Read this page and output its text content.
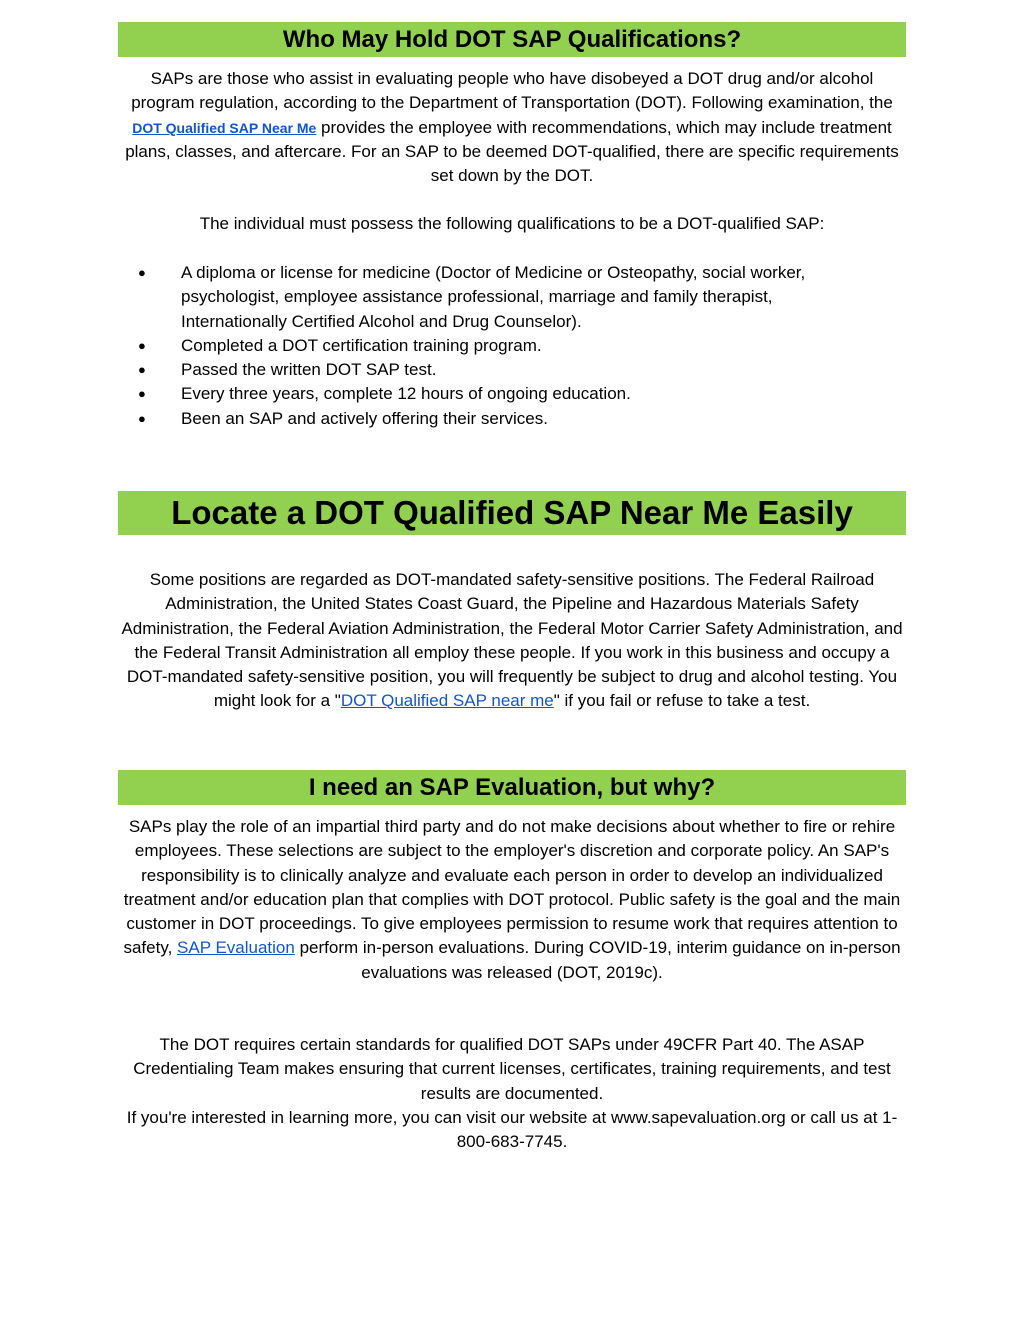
Who May Hold DOT SAP Qualifications?

SAPs are those who assist in evaluating people who have disobeyed a DOT drug and/or alcohol program regulation, according to the Department of Transportation (DOT). Following examination, the DOT Qualified SAP Near Me provides the employee with recommendations, which may include treatment plans, classes, and aftercare. For an SAP to be deemed DOT-qualified, there are specific requirements set down by the DOT.

The individual must possess the following qualifications to be a DOT-qualified SAP:

● A diploma or license for medicine (Doctor of Medicine or Osteopathy, social worker, psychologist, employee assistance professional, marriage and family therapist, Internationally Certified Alcohol and Drug Counselor).
● Completed a DOT certification training program.
● Passed the written DOT SAP test.
● Every three years, complete 12 hours of ongoing education.
● Been an SAP and actively offering their services.
Locate a DOT Qualified SAP Near Me Easily

Some positions are regarded as DOT-mandated safety-sensitive positions. The Federal Railroad Administration, the United States Coast Guard, the Pipeline and Hazardous Materials Safety Administration, the Federal Aviation Administration, the Federal Motor Carrier Safety Administration, and the Federal Transit Administration all employ these people. If you work in this business and occupy a DOT-mandated safety-sensitive position, you will frequently be subject to drug and alcohol testing. You might look for a "DOT Qualified SAP near me" if you fail or refuse to take a test.

I need an SAP Evaluation, but why?

SAPs play the role of an impartial third party and do not make decisions about whether to fire or rehire employees. These selections are subject to the employer's discretion and corporate policy. An SAP's responsibility is to clinically analyze and evaluate each person in order to develop an individualized treatment and/or education plan that complies with DOT protocol. Public safety is the goal and the main customer in DOT proceedings. To give employees permission to resume work that requires attention to safety, SAP Evaluation perform in-person evaluations. During COVID-19, interim guidance on in-person evaluations was released (DOT, 2019c).

The DOT requires certain standards for qualified DOT SAPs under 49CFR Part 40. The ASAP Credentialing Team makes ensuring that current licenses, certificates, training requirements, and test results are documented.

If you're interested in learning more, you can visit our website at www.sapevaluation.org or call us at 1-800-683-7745.
